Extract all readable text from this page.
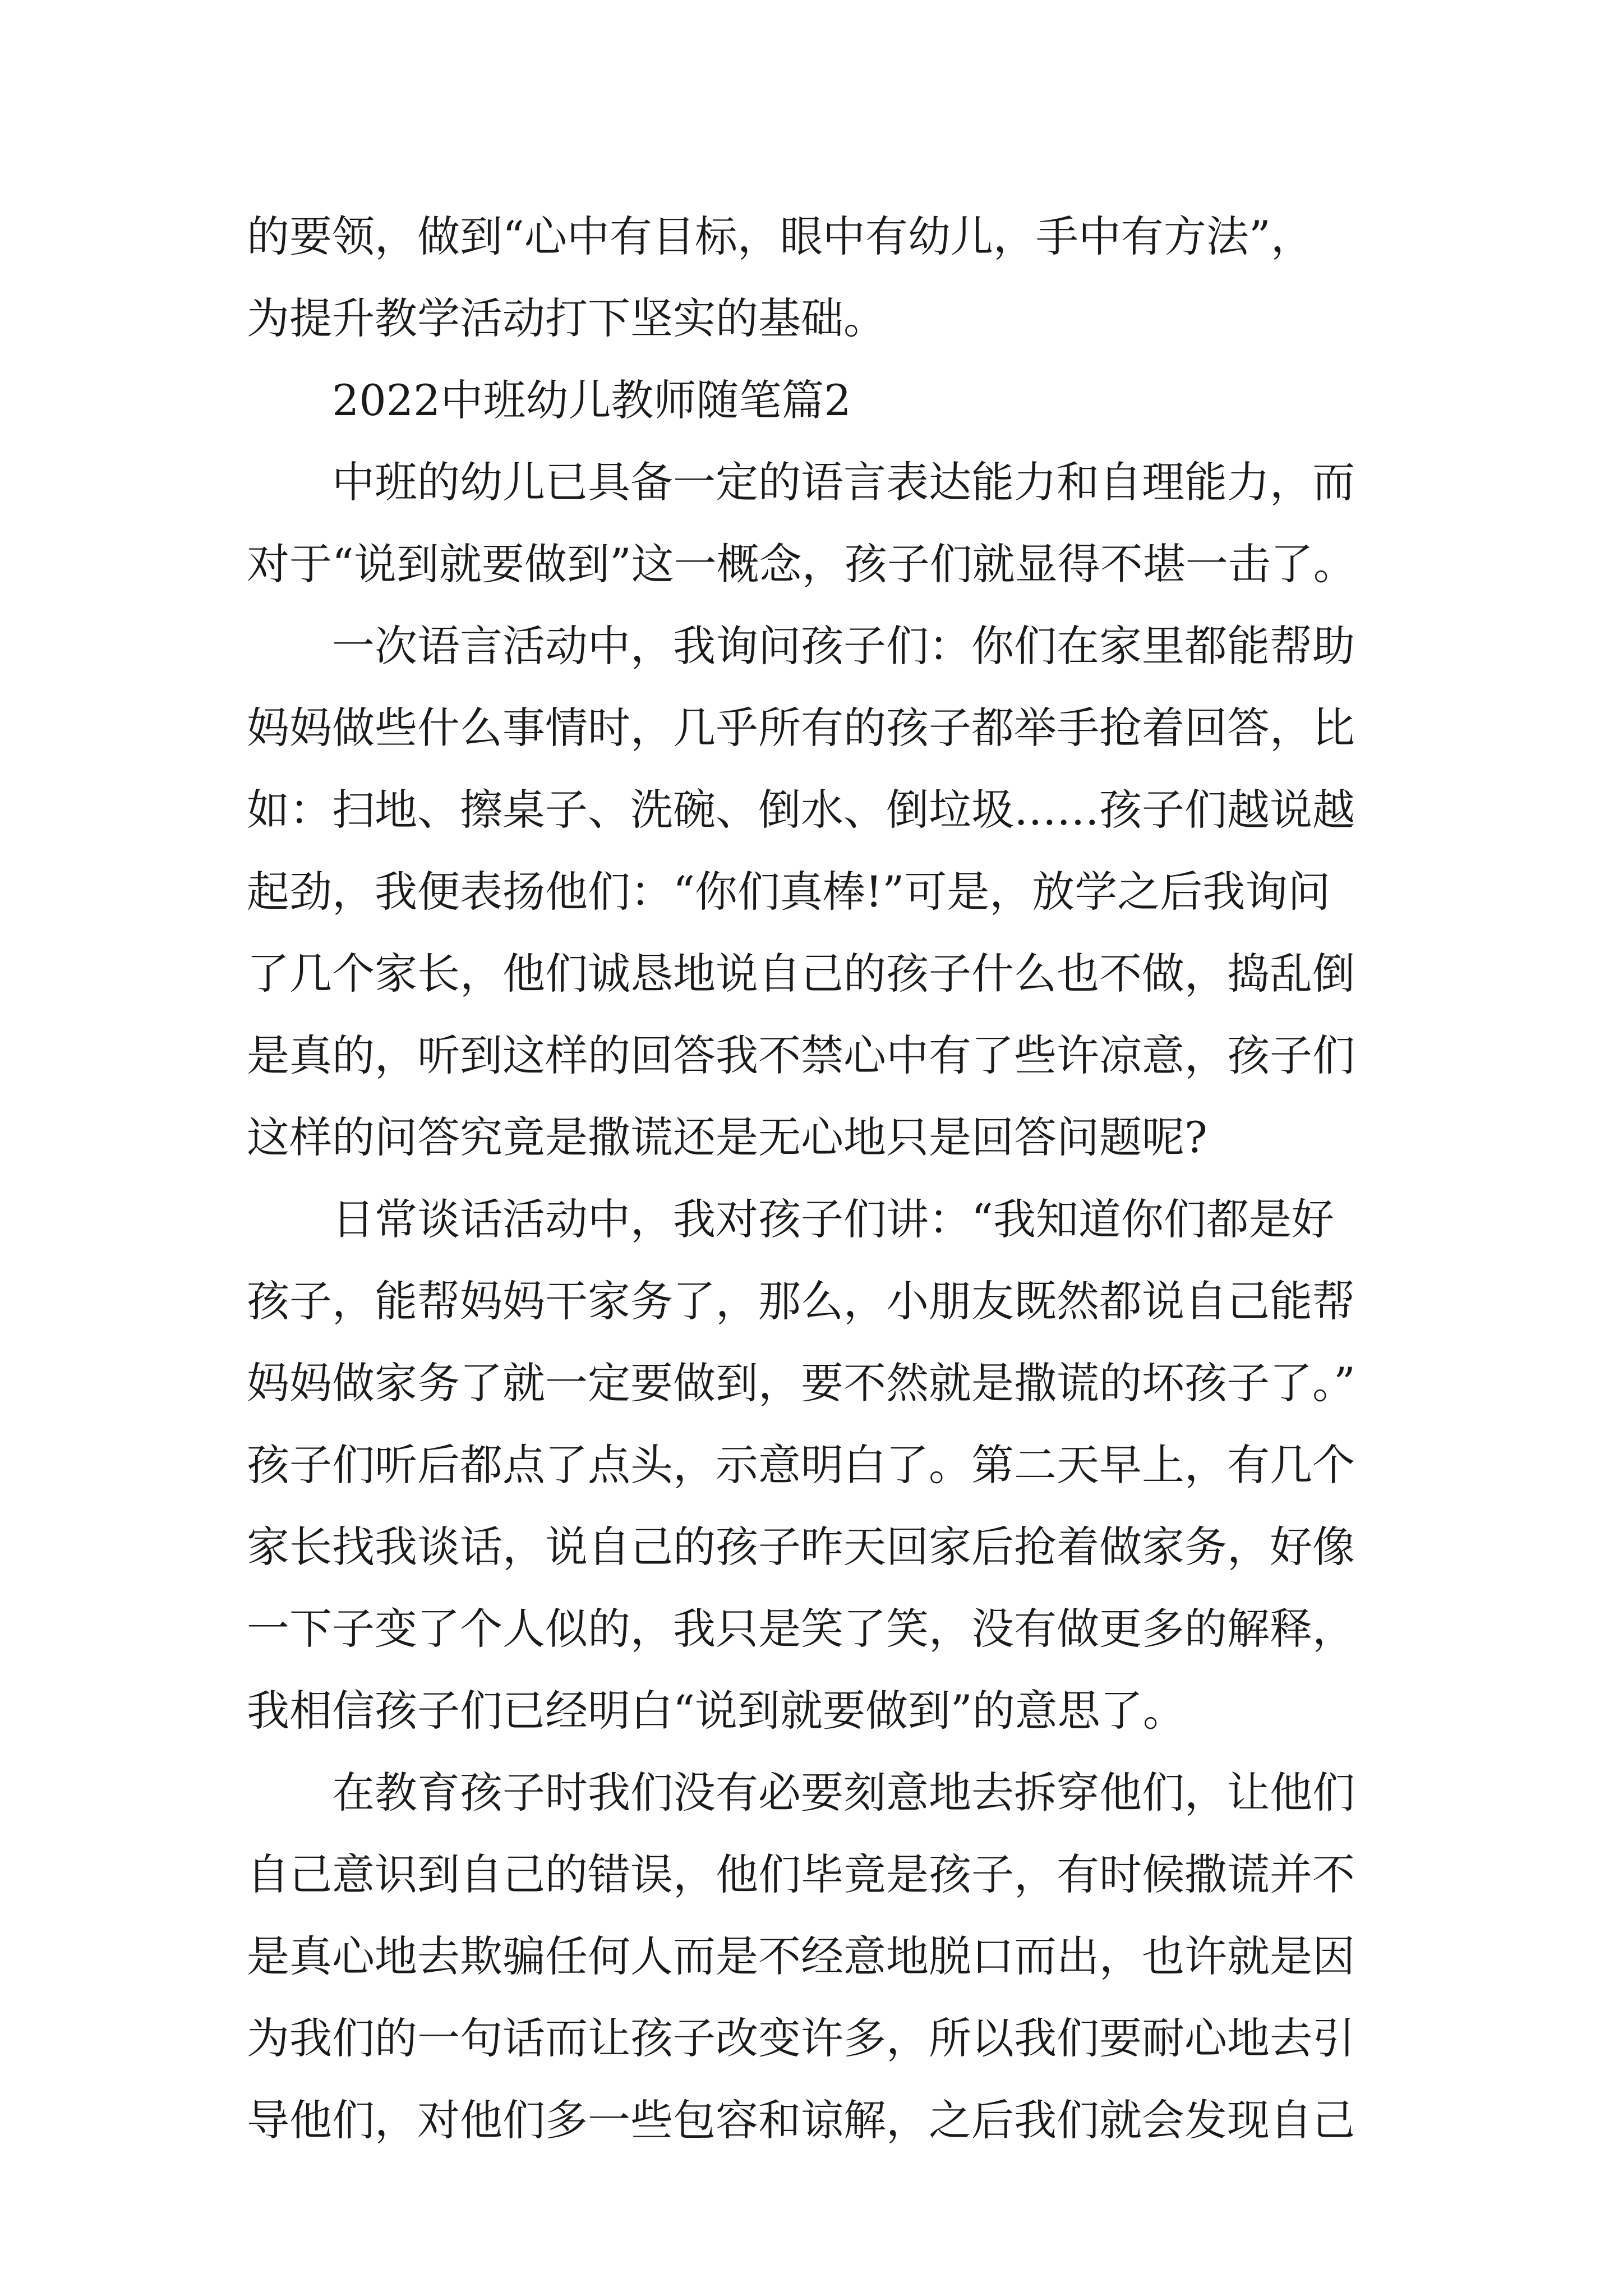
的要领，做到“心中有目标，眼中有幼儿，手中有方法”，
为提升教学活动打下坚实的基础。
2022中班幼儿教师随笔篇2
中班的幼儿已具备一定的语言表达能力和自理能力，而
对于“说到就要做到”这一概念，孩子们就显得不堪一击了。
一次语言活动中，我询问孩子们：你们在家里都能帮助
妈妈做些什么事情时，几乎所有的孩子都举手抢着回答，比
如：扫地、擦桌子、洗碗、倒水、倒垃圾……孩子们越说越
起劲，我便表扬他们：“你们真棒!”可是，放学之后我询问
了几个家长，他们诚恳地说自己的孩子什么也不做，捣乱倒
是真的，听到这样的回答我不禁心中有了些许凉意，孩子们
这样的问答究竟是撒谎还是无心地只是回答问题呢?
日常谈话活动中，我对孩子们讲：“我知道你们都是好
孩子，能帮妈妈干家务了，那么，小朋友既然都说自己能帮
妈妈做家务了就一定要做到，要不然就是撒谎的坏孩子了。”
孩子们听后都点了点头，示意明白了。第二天早上，有几个
家长找我谈话，说自己的孩子昨天回家后抢着做家务，好像
一下子变了个人似的，我只是笑了笑，没有做更多的解释，
我相信孩子们已经明白“说到就要做到”的意思了。
在教育孩子时我们没有必要刻意地去拆穿他们，让他们
自己意识到自己的错误，他们毕竟是孩子，有时候撒谎并不
是真心地去欺骗任何人而是不经意地脱口而出，也许就是因
为我们的一句话而让孩子改变许多，所以我们要耐心地去引
导他们，对他们多一些包容和谅解，之后我们就会发现自己
